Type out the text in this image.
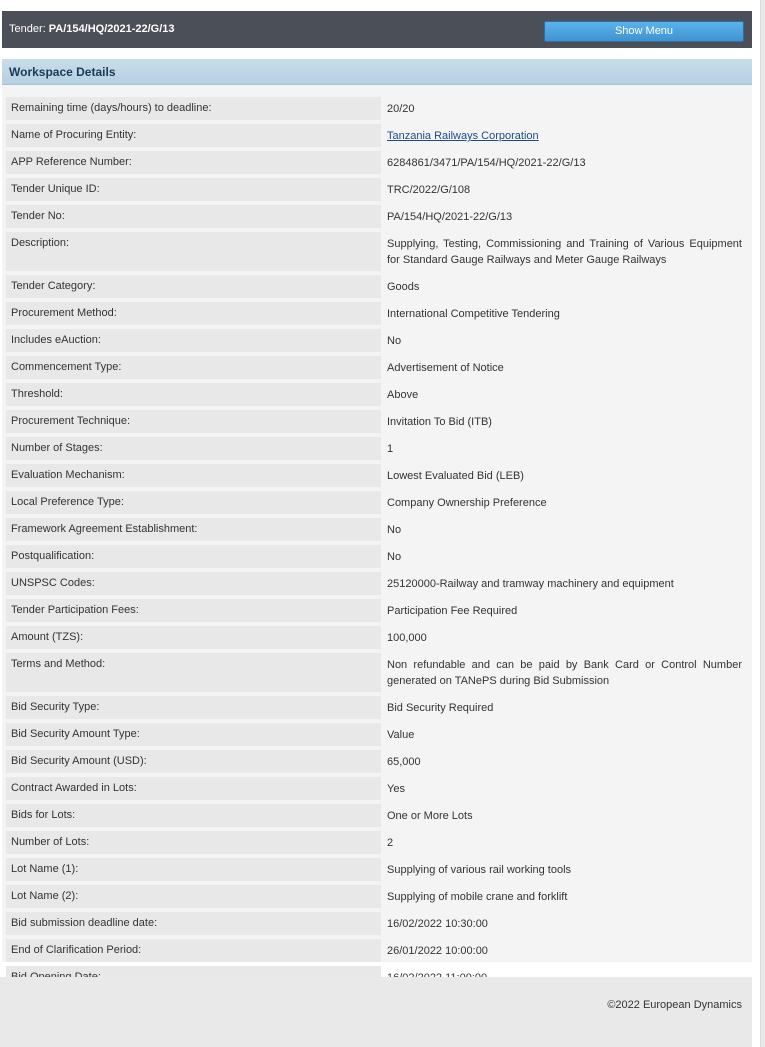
Tender: PA/154/HQ/2021-22/G/13	Show Menu
Workspace Details
Remaining time (days/hours) to deadline:	20/20
Name of Procuring Entity:	Tanzania Railways Corporation
APP Reference Number:	6284861/3471/PA/154/HQ/2021-22/G/13
Tender Unique ID:	TRC/2022/G/108
Tender No:	PA/154/HQ/2021-22/G/13
Description:	Supplying, Testing, Commissioning and Training of Various Equipment for Standard Gauge Railways and Meter Gauge Railways
Tender Category:	Goods
Procurement Method:	International Competitive Tendering
Includes eAuction:	No
Commencement Type:	Advertisement of Notice
Threshold:	Above
Procurement Technique:	Invitation To Bid (ITB)
Number of Stages:	1
Evaluation Mechanism:	Lowest Evaluated Bid (LEB)
Local Preference Type:	Company Ownership Preference
Framework Agreement Establishment:	No
Postqualification:	No
UNSPSC Codes:	25120000-Railway and tramway machinery and equipment
Tender Participation Fees:	Participation Fee Required
Amount (TZS):	100,000
Terms and Method:	Non refundable and can be paid by Bank Card or Control Number generated on TANePS during Bid Submission
Bid Security Type:	Bid Security Required
Bid Security Amount Type:	Value
Bid Security Amount (USD):	65,000
Contract Awarded in Lots:	Yes
Bids for Lots:	One or More Lots
Number of Lots:	2
Lot Name (1):	Supplying of various rail working tools
Lot Name (2):	Supplying of mobile crane and forklift
Bid submission deadline date:	16/02/2022 10:30:00
End of Clarification Period:	26/01/2022 10:00:00
©2022 European Dynamics
